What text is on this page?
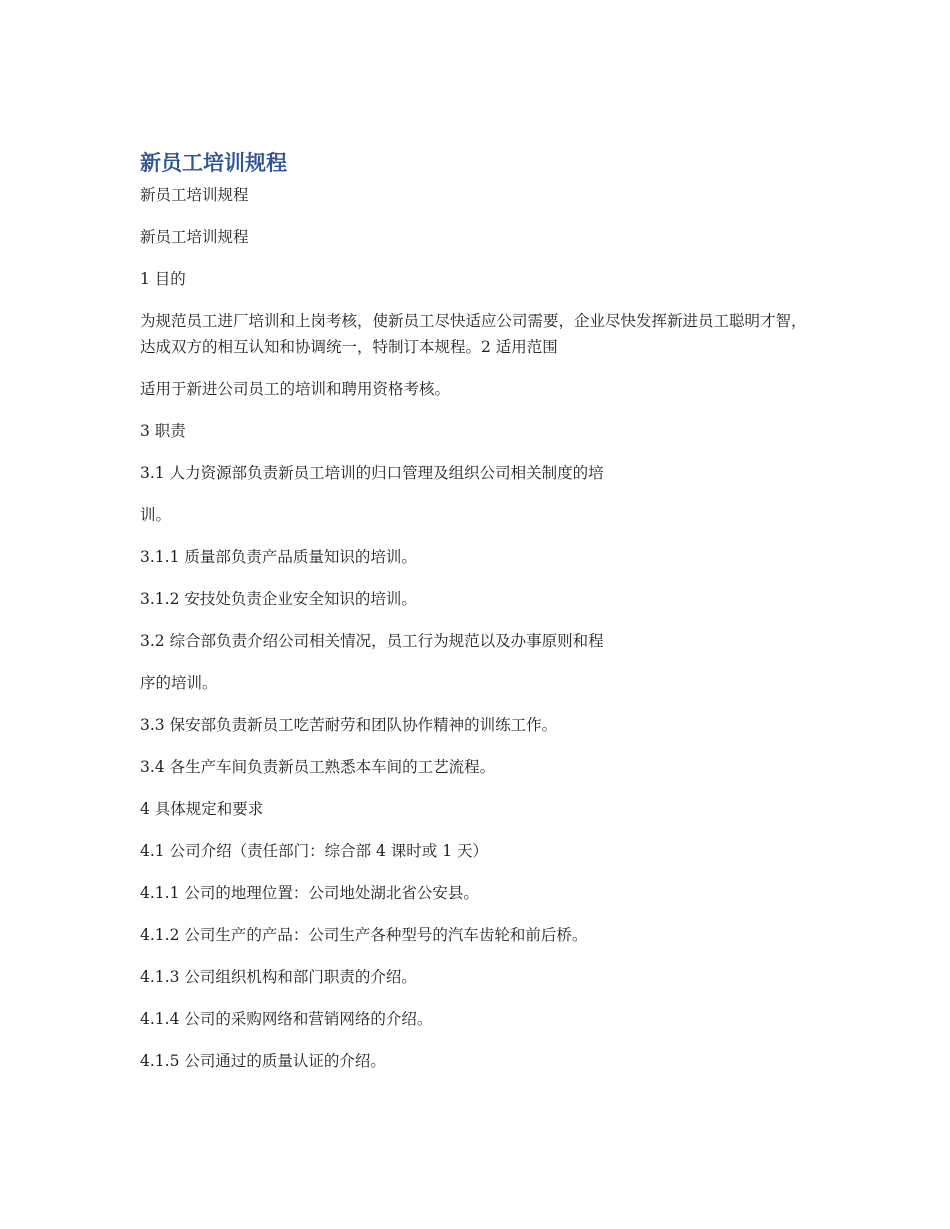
新员工培训规程

新员工培训规程

新员工培训规程

1 目的

为规范员工进厂培训和上岗考核，使新员工尽快适应公司需要，企业尽快发挥新进员工聪明才智，达成双方的相互认知和协调统一，特制订本规程。2 适用范围

适用于新进公司员工的培训和聘用资格考核。

3 职责

3.1 人力资源部负责新员工培训的归口管理及组织公司相关制度的培

训。

3.1.1 质量部负责产品质量知识的培训。

3.1.2 安技处负责企业安全知识的培训。

3.2 综合部负责介绍公司相关情况，员工行为规范以及办事原则和程

序的培训。

3.3 保安部负责新员工吃苦耐劳和团队协作精神的训练工作。

3.4 各生产车间负责新员工熟悉本车间的工艺流程。

4 具体规定和要求

4.1 公司介绍（责任部门：综合部 4 课时或 1 天）

4.1.1 公司的地理位置：公司地处湖北省公安县。

4.1.2 公司生产的产品：公司生产各种型号的汽车齿轮和前后桥。

4.1.3 公司组织机构和部门职责的介绍。

4.1.4 公司的采购网络和营销网络的介绍。

4.1.5 公司通过的质量认证的介绍。
